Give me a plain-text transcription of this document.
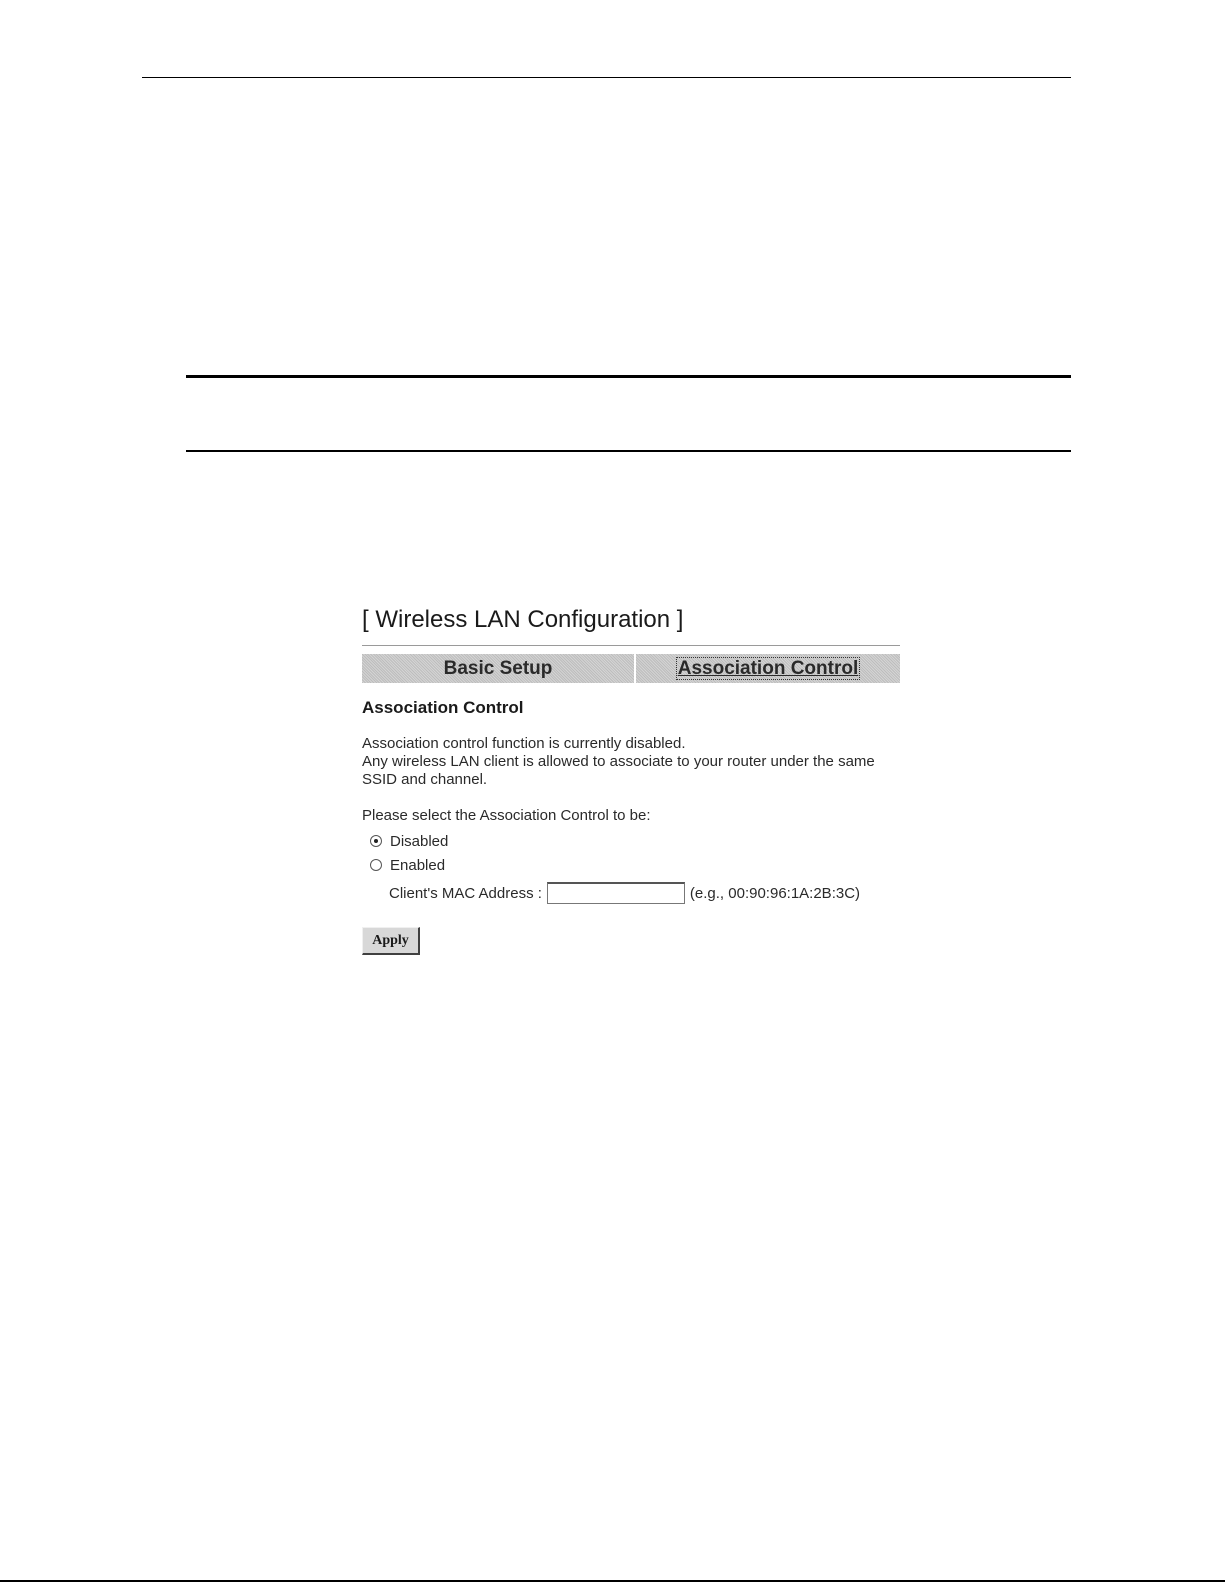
[ Wireless LAN Configuration ]
Basic Setup	Association Control
Association Control
Association control function is currently disabled.
Any wireless LAN client is allowed to associate to your router under the same
SSID and channel.
Please select the Association Control to be:
Disabled
Enabled
Client's MAC Address :	(e.g., 00:90:96:1A:2B:3C)
Apply
